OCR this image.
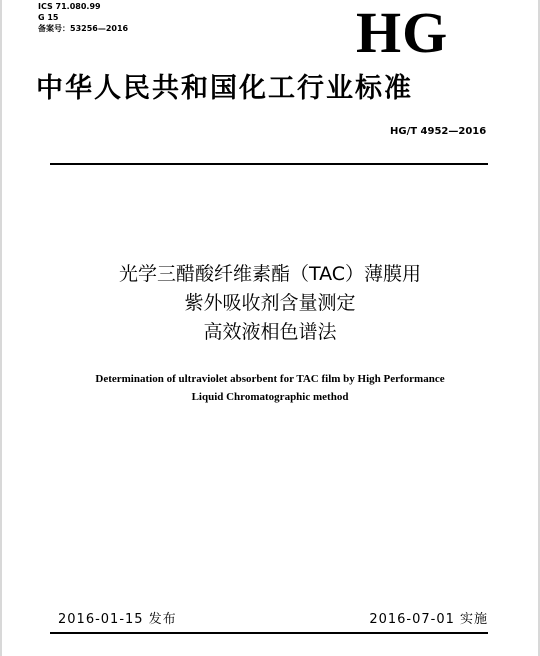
ICS 71.080.99
G 15
备案号：53256—2016	HG
中华人民共和国化工行业标准
HG/T 4952—2016
光学三醋酸纤维素酯（TAC）薄膜用
紫外吸收剂含量测定
高效液相色谱法
Determination of ultraviolet absorbent for TAC film by High Performance
Liquid Chromatographic method
2016-01-15 发布	2016-07-01 实施
